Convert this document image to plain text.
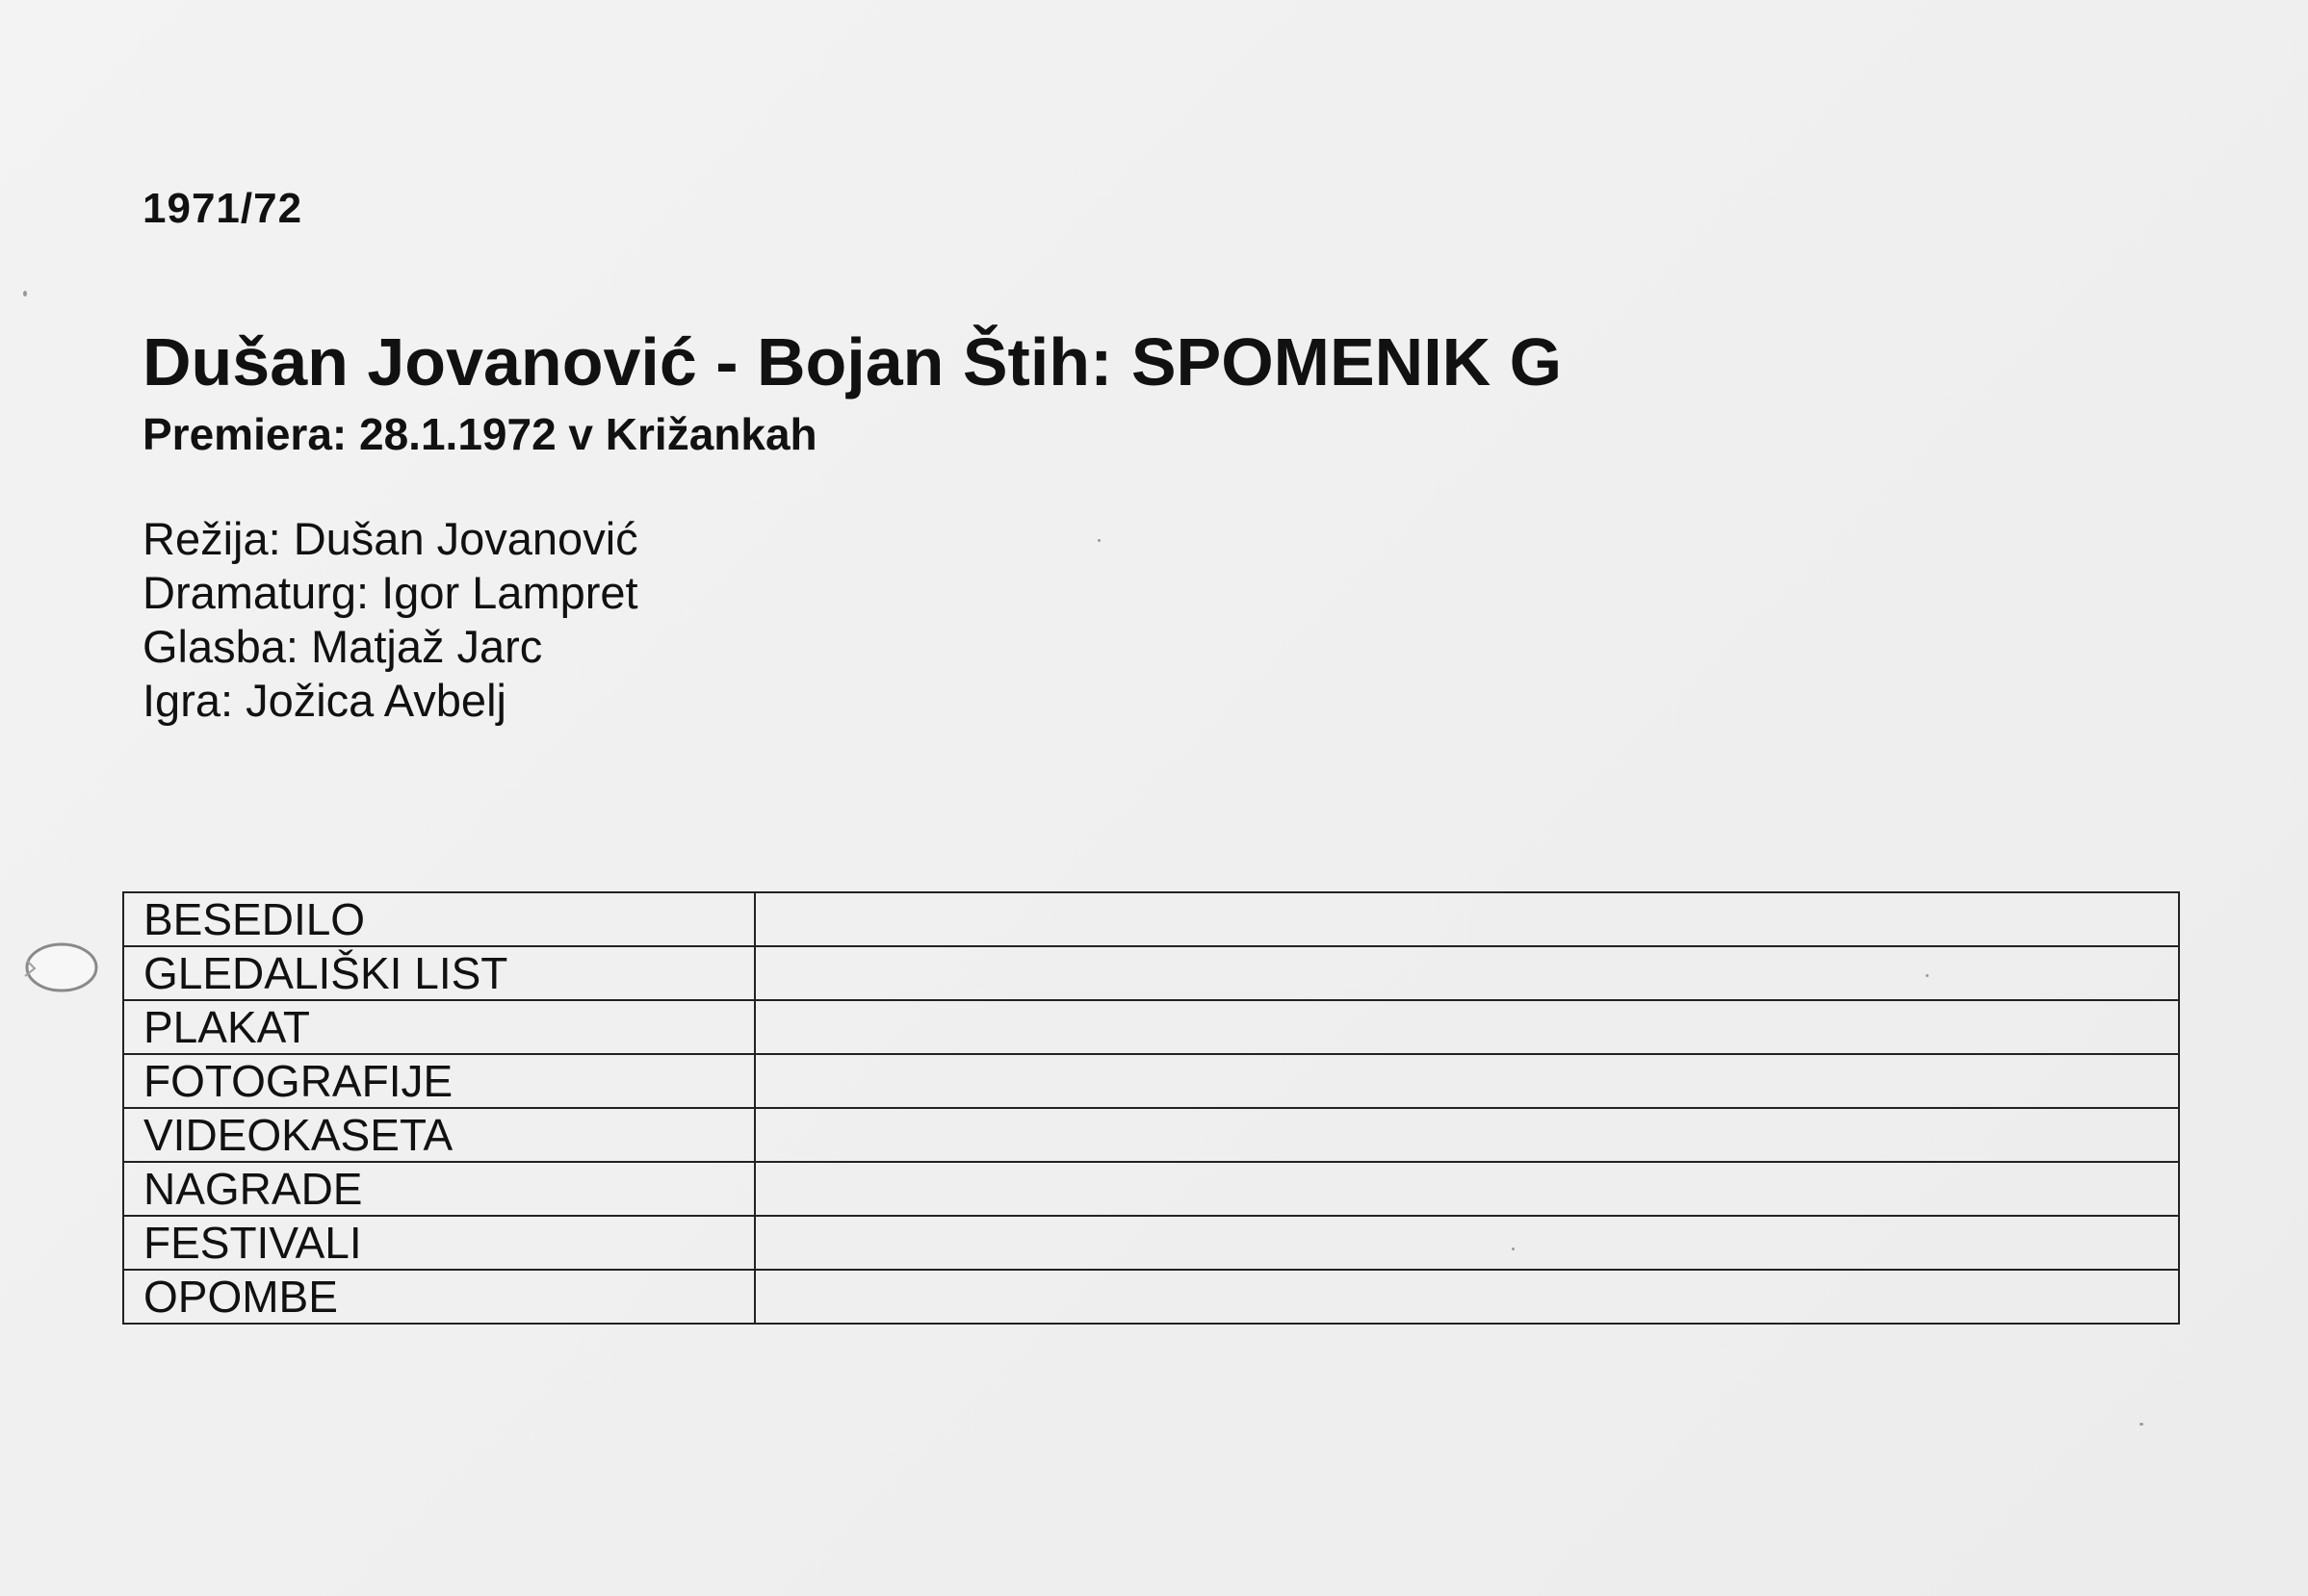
1971/72
Dušan Jovanović - Bojan Štih: SPOMENIK G
Premiera: 28.1.1972 v Križankah
Režija: Dušan Jovanović
Dramaturg: Igor Lampret
Glasba: Matjaž Jarc
Igra: Jožica Avbelj
BESEDILO	
GLEDALIŠKI LIST	
PLAKAT	
FOTOGRAFIJE	
VIDEOKASETA	
NAGRADE	
FESTIVALI	
OPOMBE	
